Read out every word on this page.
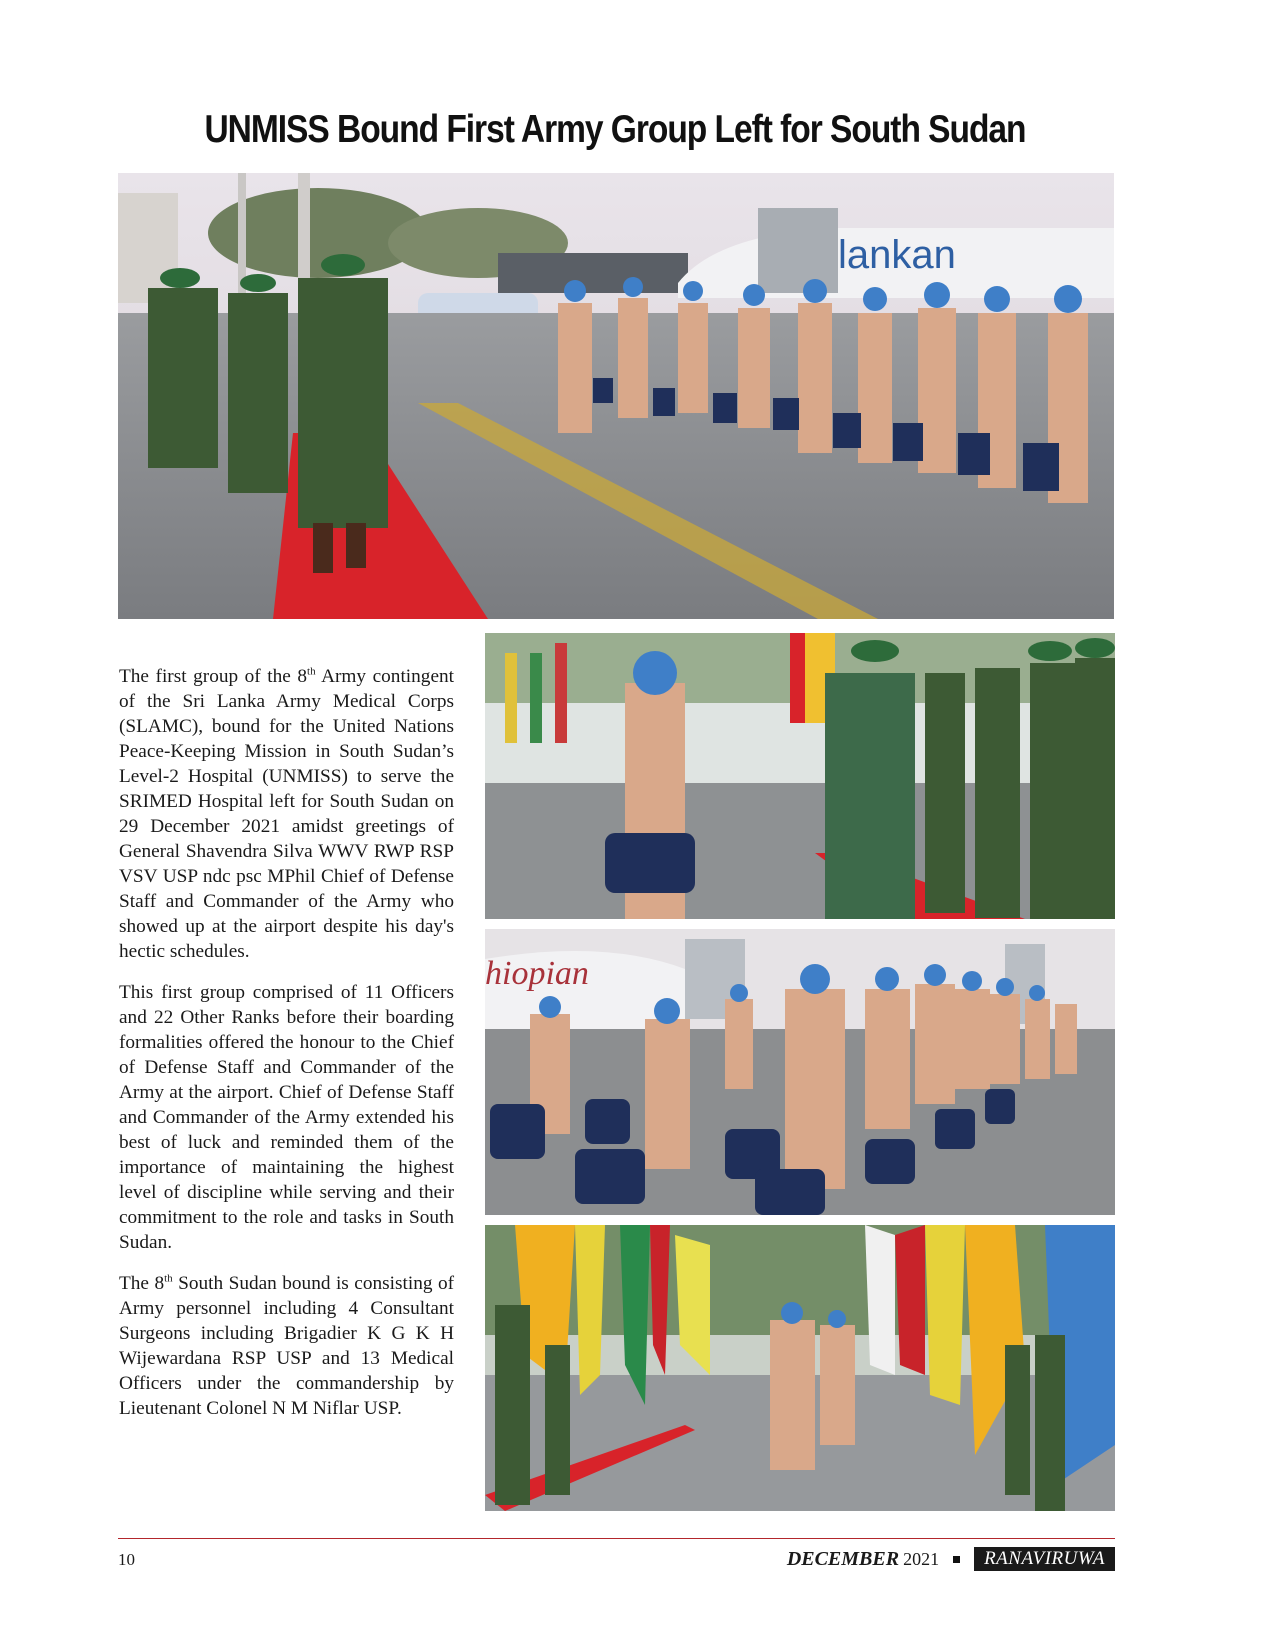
UNMISS Bound First Army Group Left for South Sudan
lankan
hiopian

The first group of the 8th Army contingent of the Sri Lanka Army Medical Corps (SLAMC), bound for the United Nations Peace-Keeping Mission in South Sudan’s Level-2 Hospital (UNMISS) to serve the SRIMED Hospital left for South Sudan on 29 December 2021 amidst greetings of General Shavendra Silva WWV RWP RSP VSV USP ndc psc MPhil Chief of Defense Staff and Commander of the Army who showed up at the airport despite his day's hectic schedules.

This first group comprised of 11 Officers and 22 Other Ranks before their boarding formalities offered the honour to the Chief of Defense Staff and Commander of the Army at the airport. Chief of Defense Staff and Commander of the Army extended his best of luck and reminded them of the importance of maintaining the highest level of discipline while serving and their commitment to the role and tasks in South Sudan.

The 8th South Sudan bound is consisting of Army personnel including 4 Consultant Surgeons including Brigadier K G K H Wijewardana RSP USP and 13 Medical Officers under the commandership by Lieutenant Colonel N M Niflar USP.

10	DECEMBER 2021	RANAVIRUWA
